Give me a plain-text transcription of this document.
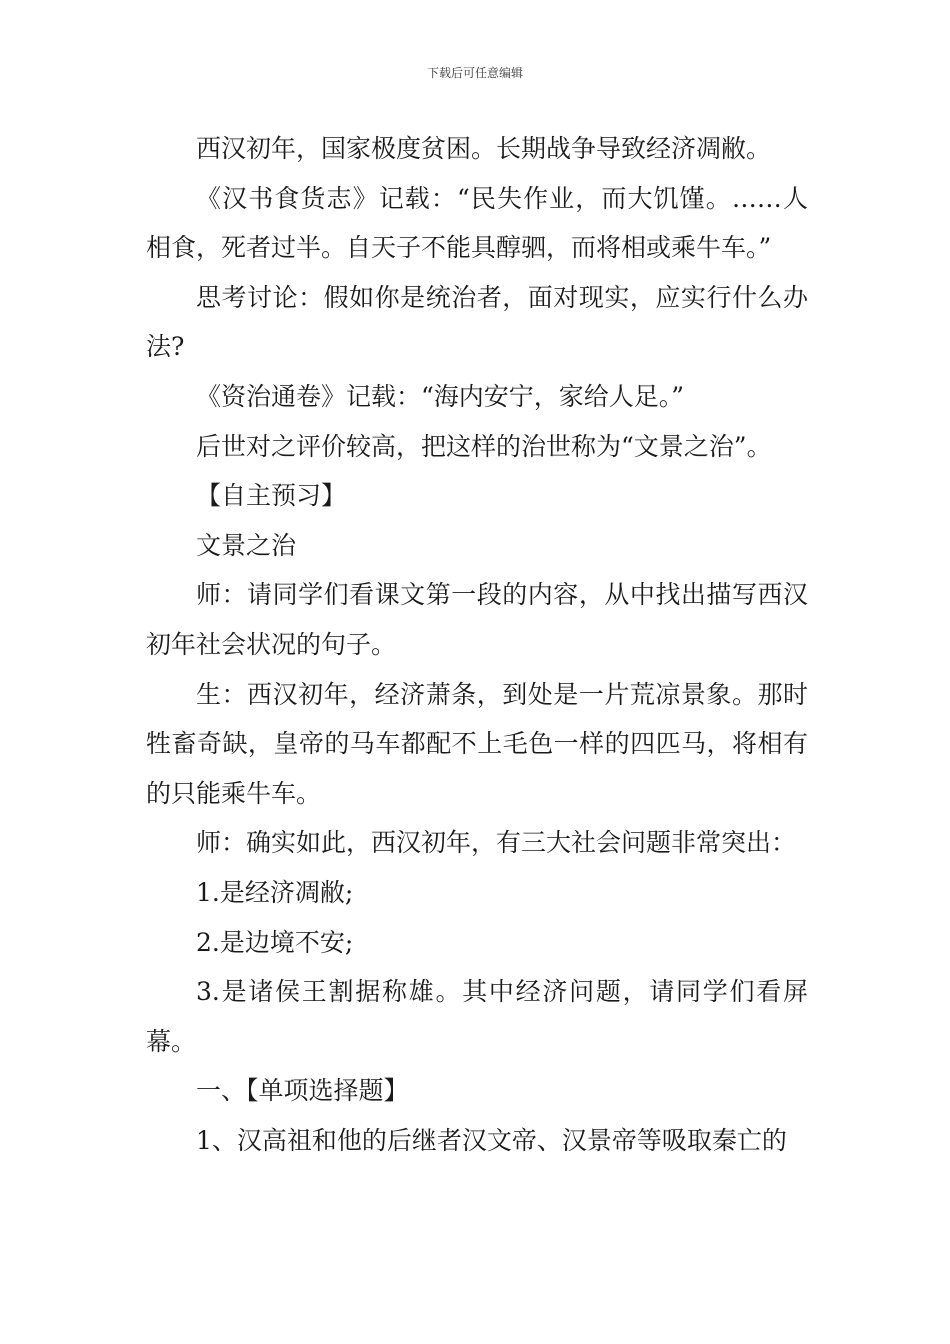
下载后可任意编辑

西汉初年，国家极度贫困。长期战争导致经济凋敝。

《汉书食货志》记载：“民失作业，而大饥馑。……人相食，死者过半。自天子不能具醇驷，而将相或乘牛车。”

思考讨论：假如你是统治者，面对现实，应实行什么办法?

《资治通卷》记载：“海内安宁，家给人足。”

后世对之评价较高，把这样的治世称为“文景之治”。

【自主预习】

文景之治

师：请同学们看课文第一段的内容，从中找出描写西汉初年社会状况的句子。

生：西汉初年，经济萧条，到处是一片荒凉景象。那时牲畜奇缺，皇帝的马车都配不上毛色一样的四匹马，将相有的只能乘牛车。

师：确实如此，西汉初年，有三大社会问题非常突出：

1.是经济凋敝;

2.是边境不安;

3.是诸侯王割据称雄。其中经济问题，请同学们看屏幕。

一、【单项选择题】

1、汉高祖和他的后继者汉文帝、汉景帝等吸取秦亡的
